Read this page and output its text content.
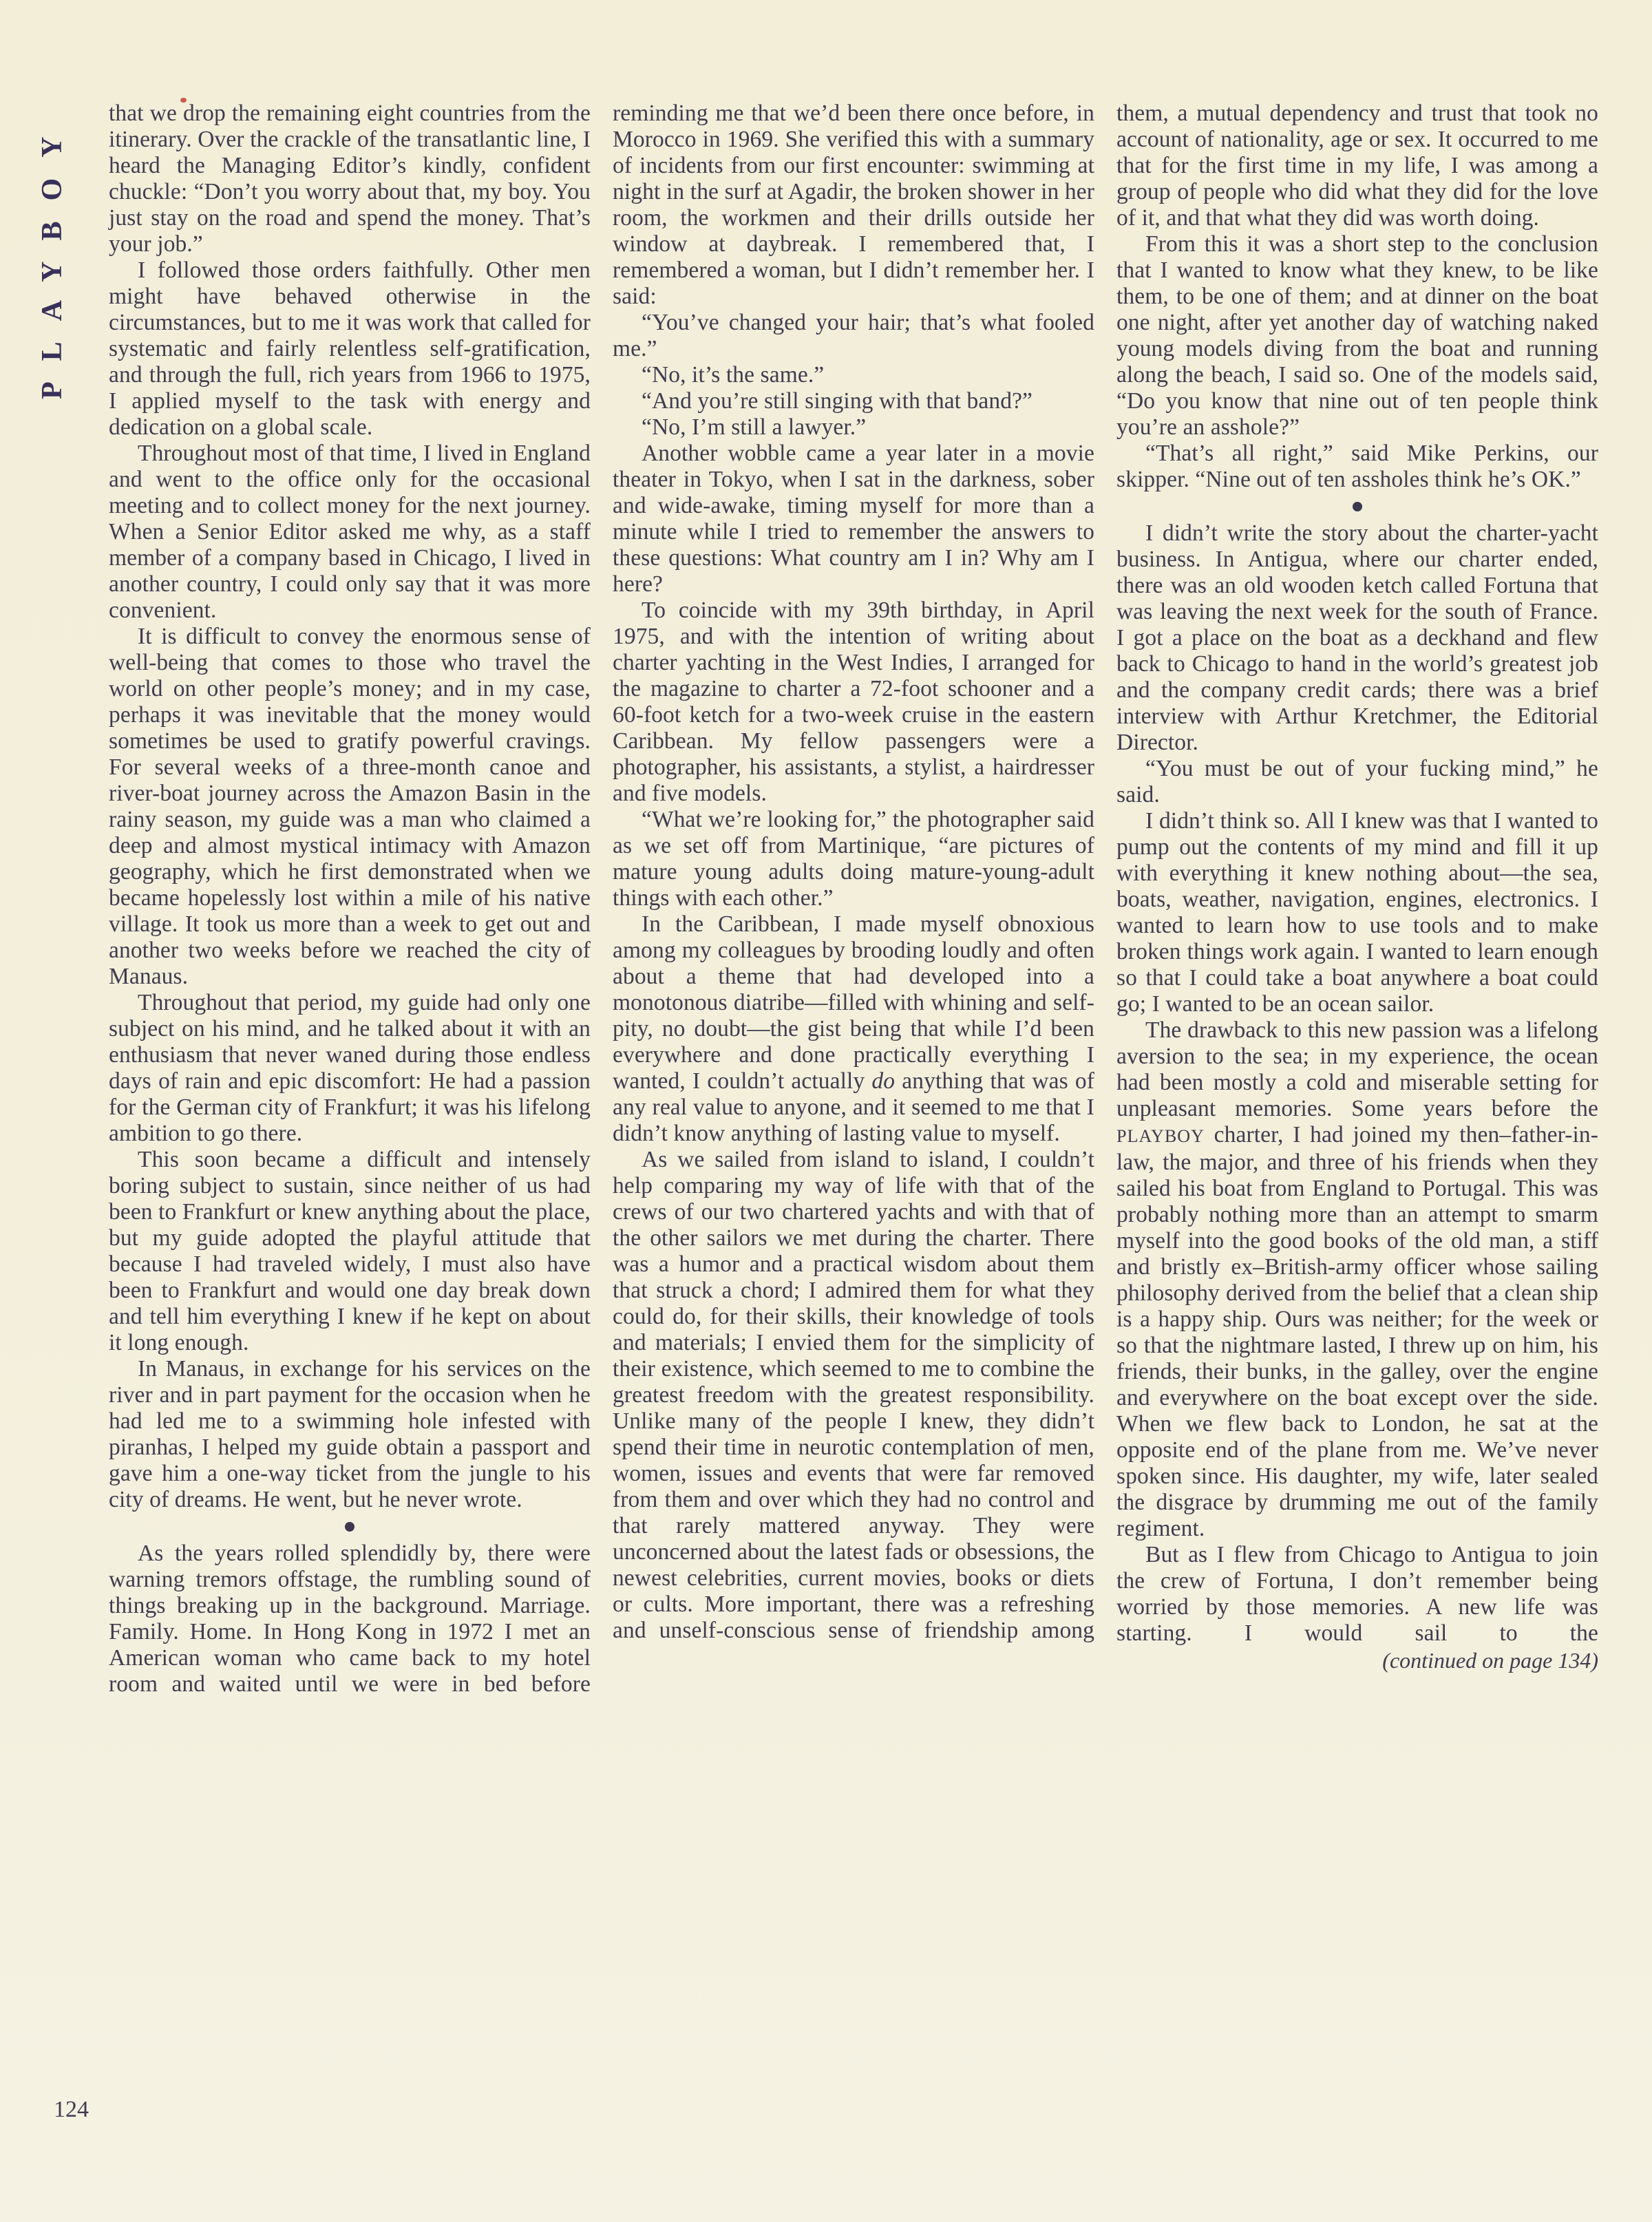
PLAYBOY

that we drop the remaining eight countries from the itinerary. Over the crackle of the transatlantic line, I heard the Managing Editor’s kindly, confident chuckle: “Don’t you worry about that, my boy. You just stay on the road and spend the money. That’s your job.”

I followed those orders faithfully. Other men might have behaved otherwise in the circumstances, but to me it was work that called for systematic and fairly relentless self-gratification, and through the full, rich years from 1966 to 1975, I applied myself to the task with energy and dedication on a global scale.

Throughout most of that time, I lived in England and went to the office only for the occasional meeting and to collect money for the next journey. When a Senior Editor asked me why, as a staff member of a company based in Chicago, I lived in another country, I could only say that it was more convenient.

It is difficult to convey the enormous sense of well-being that comes to those who travel the world on other people’s money; and in my case, perhaps it was inevitable that the money would sometimes be used to gratify powerful cravings. For several weeks of a three-month canoe and river-boat journey across the Amazon Basin in the rainy season, my guide was a man who claimed a deep and almost mystical intimacy with Amazon geography, which he first demonstrated when we became hopelessly lost within a mile of his native village. It took us more than a week to get out and another two weeks before we reached the city of Manaus.

Throughout that period, my guide had only one subject on his mind, and he talked about it with an enthusiasm that never waned during those endless days of rain and epic discomfort: He had a passion for the German city of Frankfurt; it was his lifelong ambition to go there.

This soon became a difficult and intensely boring subject to sustain, since neither of us had been to Frankfurt or knew anything about the place, but my guide adopted the playful attitude that because I had traveled widely, I must also have been to Frankfurt and would one day break down and tell him everything I knew if he kept on about it long enough.

In Manaus, in exchange for his services on the river and in part payment for the occasion when he had led me to a swimming hole infested with piranhas, I helped my guide obtain a passport and gave him a one-way ticket from the jungle to his city of dreams. He went, but he never wrote.

As the years rolled splendidly by, there were warning tremors offstage, the rumbling sound of things breaking up in the background. Marriage. Family. Home. In Hong Kong in 1972 I met an American woman who came back to my hotel room and waited until we were in bed before

reminding me that we’d been there once before, in Morocco in 1969. She verified this with a summary of incidents from our first encounter: swimming at night in the surf at Agadir, the broken shower in her room, the workmen and their drills outside her window at daybreak. I remembered that, I remembered a woman, but I didn’t remember her. I said:

“You’ve changed your hair; that’s what fooled me.”

“No, it’s the same.”

“And you’re still singing with that band?”

“No, I’m still a lawyer.”

Another wobble came a year later in a movie theater in Tokyo, when I sat in the darkness, sober and wide-awake, timing myself for more than a minute while I tried to remember the answers to these questions: What country am I in? Why am I here?

To coincide with my 39th birthday, in April 1975, and with the intention of writing about charter yachting in the West Indies, I arranged for the magazine to charter a 72-foot schooner and a 60-foot ketch for a two-week cruise in the eastern Caribbean. My fellow passengers were a photographer, his assistants, a stylist, a hairdresser and five models.

“What we’re looking for,” the photographer said as we set off from Martinique, “are pictures of mature young adults doing mature-young-adult things with each other.”

In the Caribbean, I made myself obnoxious among my colleagues by brooding loudly and often about a theme that had developed into a monotonous diatribe—filled with whining and self-pity, no doubt—the gist being that while I’d been everywhere and done practically everything I wanted, I couldn’t actually do anything that was of any real value to anyone, and it seemed to me that I didn’t know anything of lasting value to myself.

As we sailed from island to island, I couldn’t help comparing my way of life with that of the crews of our two chartered yachts and with that of the other sailors we met during the charter. There was a humor and a practical wisdom about them that struck a chord; I admired them for what they could do, for their skills, their knowledge of tools and materials; I envied them for the simplicity of their existence, which seemed to me to combine the greatest freedom with the greatest responsibility. Unlike many of the people I knew, they didn’t spend their time in neurotic contemplation of men, women, issues and events that were far removed from them and over which they had no control and that rarely mattered anyway. They were unconcerned about the latest fads or obsessions, the newest celebrities, current movies, books or diets or cults. More important, there was a refreshing and unself-conscious sense of friendship among

them, a mutual dependency and trust that took no account of nationality, age or sex. It occurred to me that for the first time in my life, I was among a group of people who did what they did for the love of it, and that what they did was worth doing.

From this it was a short step to the conclusion that I wanted to know what they knew, to be like them, to be one of them; and at dinner on the boat one night, after yet another day of watching naked young models diving from the boat and running along the beach, I said so. One of the models said, “Do you know that nine out of ten people think you’re an asshole?”

“That’s all right,” said Mike Perkins, our skipper. “Nine out of ten assholes think he’s OK.”

I didn’t write the story about the charter-yacht business. In Antigua, where our charter ended, there was an old wooden ketch called Fortuna that was leaving the next week for the south of France. I got a place on the boat as a deckhand and flew back to Chicago to hand in the world’s greatest job and the company credit cards; there was a brief interview with Arthur Kretchmer, the Editorial Director.

“You must be out of your fucking mind,” he said.

I didn’t think so. All I knew was that I wanted to pump out the contents of my mind and fill it up with everything it knew nothing about—the sea, boats, weather, navigation, engines, electronics. I wanted to learn how to use tools and to make broken things work again. I wanted to learn enough so that I could take a boat anywhere a boat could go; I wanted to be an ocean sailor.

The drawback to this new passion was a lifelong aversion to the sea; in my experience, the ocean had been mostly a cold and miserable setting for unpleasant memories. Some years before the PLAYBOY charter, I had joined my then–father-in-law, the major, and three of his friends when they sailed his boat from England to Portugal. This was probably nothing more than an attempt to smarm myself into the good books of the old man, a stiff and bristly ex–British-army officer whose sailing philosophy derived from the belief that a clean ship is a happy ship. Ours was neither; for the week or so that the nightmare lasted, I threw up on him, his friends, their bunks, in the galley, over the engine and everywhere on the boat except over the side. When we flew back to London, he sat at the opposite end of the plane from me. We’ve never spoken since. His daughter, my wife, later sealed the disgrace by drumming me out of the family regiment.

But as I flew from Chicago to Antigua to join the crew of Fortuna, I don’t remember being worried by those memories. A new life was starting. I would sail to the

(continued on page 134)

124
